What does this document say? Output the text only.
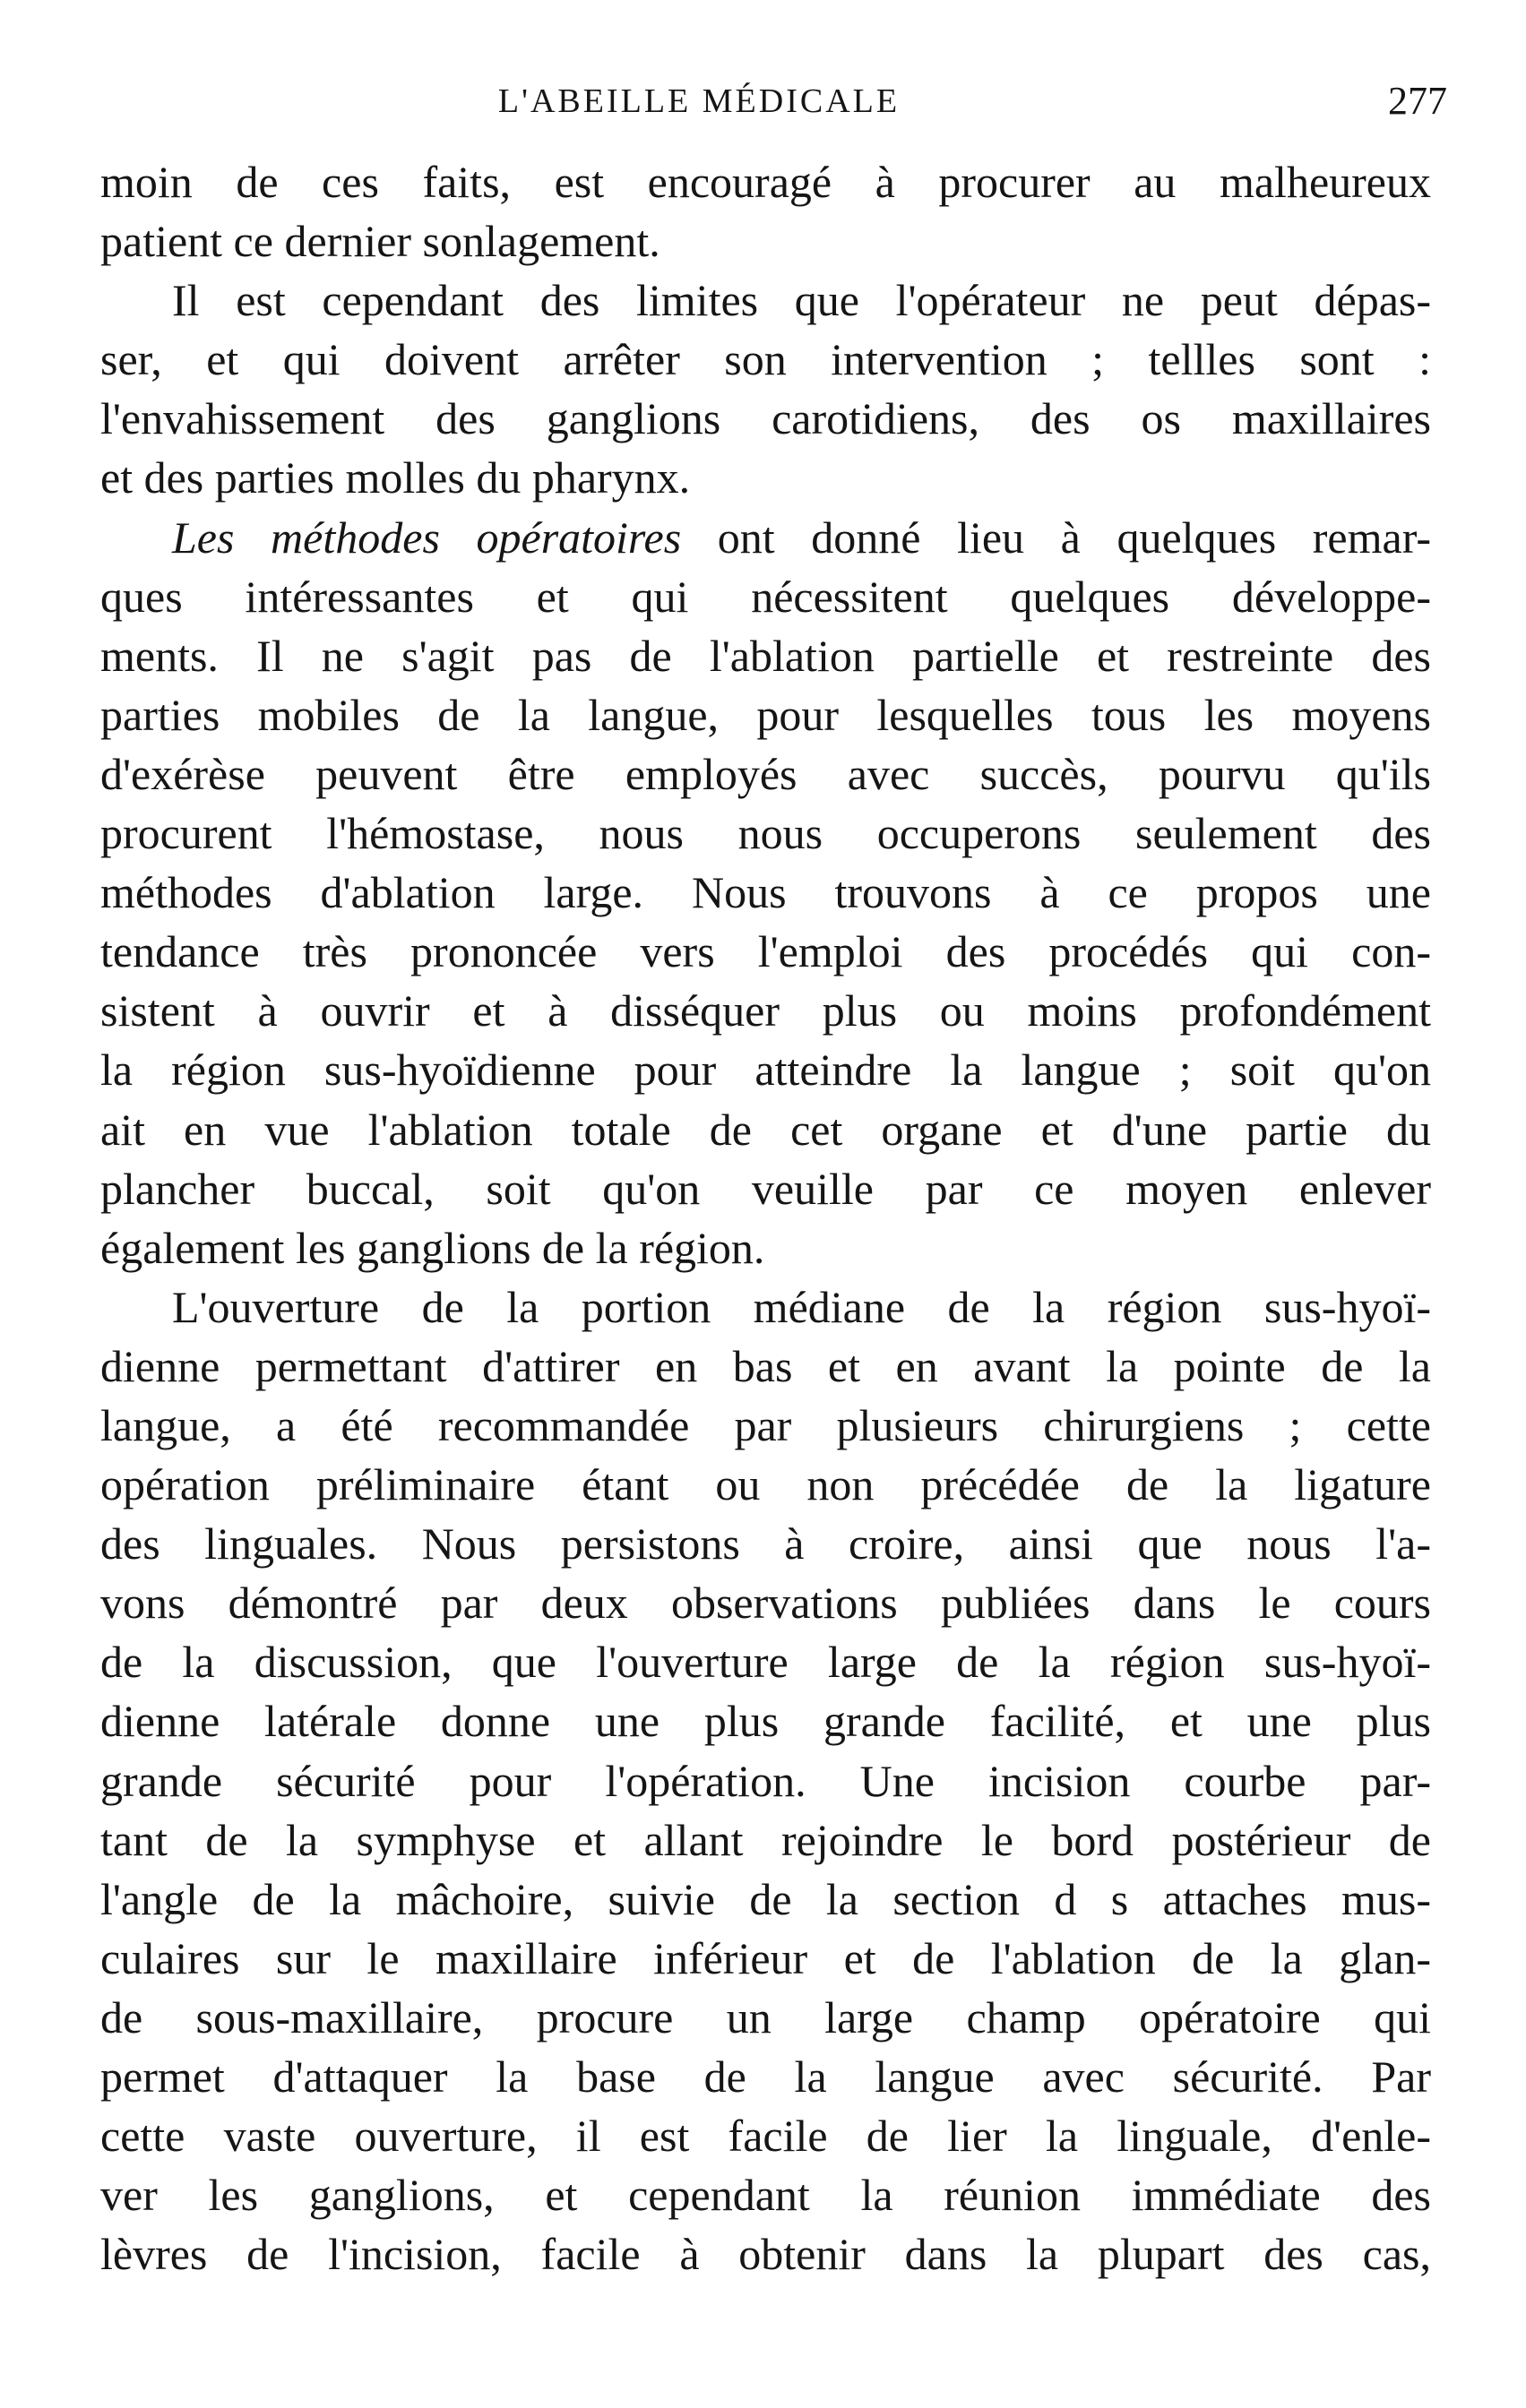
L'ABEILLE MÉDICALE	277
moin de ces faits, est encouragé à procurer au malheureux
patient ce dernier sonlagement.
Il est cependant des limites que l'opérateur ne peut dépas-
ser, et qui doivent arrêter son intervention ; tellles sont :
l'envahissement des ganglions carotidiens, des os maxillaires
et des parties molles du pharynx.
Les méthodes opératoires ont donné lieu à quelques remar-
ques intéressantes et qui nécessitent quelques développe-
ments. Il ne s'agit pas de l'ablation partielle et restreinte des
parties mobiles de la langue, pour lesquelles tous les moyens
d'exérèse peuvent être employés avec succès, pourvu qu'ils
procurent l'hémostase, nous nous occuperons seulement des
méthodes d'ablation large. Nous trouvons à ce propos une
tendance très prononcée vers l'emploi des procédés qui con-
sistent à ouvrir et à disséquer plus ou moins profondément
la région sus-hyoïdienne pour atteindre la langue ; soit qu'on
ait en vue l'ablation totale de cet organe et d'une partie du
plancher buccal, soit qu'on veuille par ce moyen enlever
également les ganglions de la région.
L'ouverture de la portion médiane de la région sus-hyoï-
dienne permettant d'attirer en bas et en avant la pointe de la
langue, a été recommandée par plusieurs chirurgiens ; cette
opération préliminaire étant ou non précédée de la ligature
des linguales. Nous persistons à croire, ainsi que nous l'a-
vons démontré par deux observations publiées dans le cours
de la discussion, que l'ouverture large de la région sus-hyoï-
dienne latérale donne une plus grande facilité, et une plus
grande sécurité pour l'opération. Une incision courbe par-
tant de la symphyse et allant rejoindre le bord postérieur de
l'angle de la mâchoire, suivie de la section d s attaches mus-
culaires sur le maxillaire inférieur et de l'ablation de la glan-
de sous-maxillaire, procure un large champ opératoire qui
permet d'attaquer la base de la langue avec sécurité. Par
cette vaste ouverture, il est facile de lier la linguale, d'enle-
ver les ganglions, et cependant la réunion immédiate des
lèvres de l'incision, facile à obtenir dans la plupart des cas,
